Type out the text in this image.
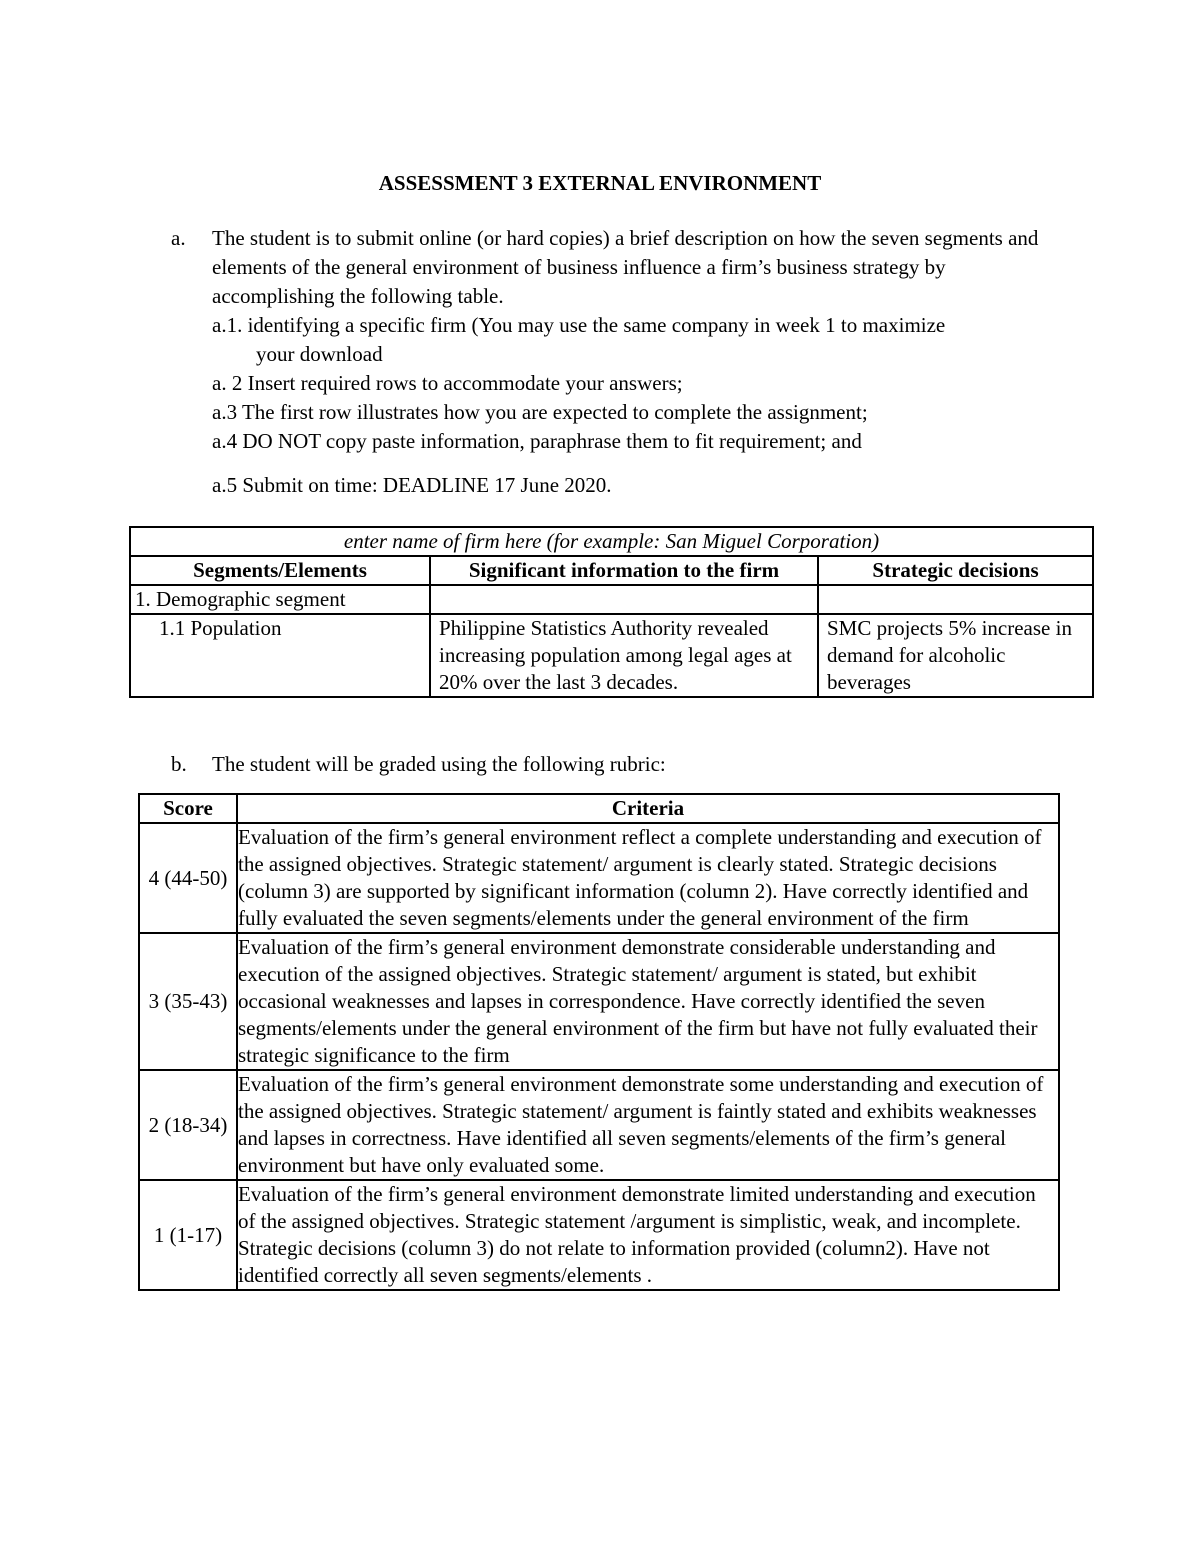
ASSESSMENT 3 EXTERNAL ENVIRONMENT
a. The student is to submit online (or hard copies) a brief description on how the seven segments and elements of the general environment of business influence a firm’s business strategy by accomplishing the following table.
a.1. identifying a specific firm (You may use the same company in week 1 to maximize
your download
a. 2 Insert required rows to accommodate your answers;
a.3 The first row illustrates how you are expected to complete the assignment;
a.4 DO NOT copy paste information, paraphrase them to fit requirement; and
a.5 Submit on time: DEADLINE 17 June 2020.
enter name of firm here (for example: San Miguel Corporation)		
Segments/Elements	Significant information to the firm	Strategic decisions
1. Demographic segment		
1.1 Population	Philippine Statistics Authority revealed increasing population among legal ages at 20% over the last 3 decades.	SMC projects 5% increase in demand for alcoholic beverages
b. The student will be graded using the following rubric:
Score	Criteria
4 (44-50)	Evaluation of the firm’s general environment reflect a complete understanding and execution of the assigned objectives. Strategic statement/ argument is clearly stated. Strategic decisions (column 3) are supported by significant information (column 2). Have correctly identified and fully evaluated the seven segments/elements under the general environment of the firm
3 (35-43)	Evaluation of the firm’s general environment demonstrate considerable understanding and execution of the assigned objectives. Strategic statement/ argument is stated, but exhibit occasional weaknesses and lapses in correspondence. Have correctly identified the seven segments/elements under the general environment of the firm but have not fully evaluated their strategic significance to the firm
2 (18-34)	Evaluation of the firm’s general environment demonstrate some understanding and execution of the assigned objectives. Strategic statement/ argument is faintly stated and exhibits weaknesses and lapses in correctness. Have identified all seven segments/elements of the firm’s general environment but have only evaluated some.
1 (1-17)	Evaluation of the firm’s general environment demonstrate limited understanding and execution of the assigned objectives. Strategic statement /argument is simplistic, weak, and incomplete. Strategic decisions (column 3) do not relate to information provided (column2). Have not identified correctly all seven segments/elements .
